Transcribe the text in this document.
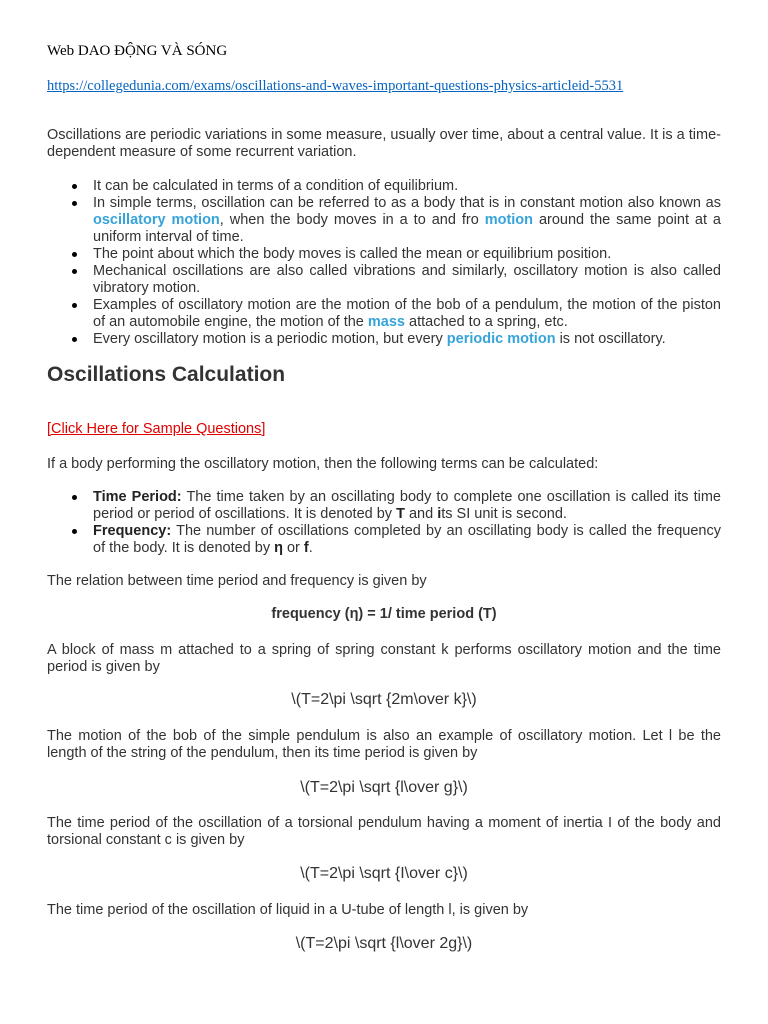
Web DAO ĐỘNG VÀ SÓNG
https://collegedunia.com/exams/oscillations-and-waves-important-questions-physics-articleid-5531
Oscillations are periodic variations in some measure, usually over time, about a central value. It is a time-dependent measure of some recurrent variation.
It can be calculated in terms of a condition of equilibrium.
In simple terms, oscillation can be referred to as a body that is in constant motion also known as oscillatory motion, when the body moves in a to and fro motion around the same point at a uniform interval of time.
The point about which the body moves is called the mean or equilibrium position.
Mechanical oscillations are also called vibrations and similarly, oscillatory motion is also called vibratory motion.
Examples of oscillatory motion are the motion of the bob of a pendulum, the motion of the piston of an automobile engine, the motion of the mass attached to a spring, etc.
Every oscillatory motion is a periodic motion, but every periodic motion is not oscillatory.
Oscillations Calculation
[Click Here for Sample Questions]
If a body performing the oscillatory motion, then the following terms can be calculated:
Time Period: The time taken by an oscillating body to complete one oscillation is called its time period or period of oscillations. It is denoted by T and its SI unit is second.
Frequency: The number of oscillations completed by an oscillating body is called the frequency of the body. It is denoted by η or f.
The relation between time period and frequency is given by
frequency (η) = 1/ time period (T)
A block of mass m attached to a spring of spring constant k performs oscillatory motion and the time period is given by
\(T=2\pi \sqrt {2m\over k}\)
The motion of the bob of the simple pendulum is also an example of oscillatory motion. Let l be the length of the string of the pendulum, then its time period is given by
\(T=2\pi \sqrt {l\over g}\)
The time period of the oscillation of a torsional pendulum having a moment of inertia I of the body and torsional constant c is given by
\(T=2\pi \sqrt {I\over c}\)
The time period of the oscillation of liquid in a U-tube of length l, is given by
\(T=2\pi \sqrt {l\over 2g}\)
